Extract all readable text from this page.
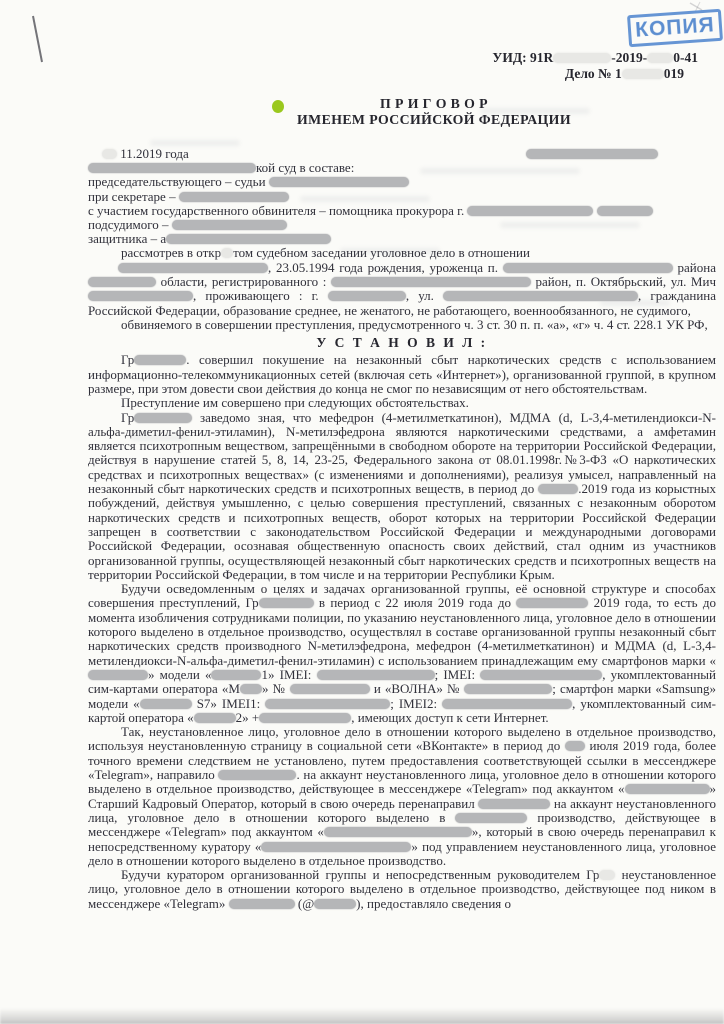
КОПИЯ
УИД: 91R	-2019- 0-41
Дело № 1	019
П Р И Г О В О Р
ИМЕНЕМ РОССИЙСКОЙ ФЕДЕРАЦИИ
11.2019 года
кой суд в составе:
председательствующего – судьи
при секретаре –
с участием государственного обвинителя – помощника прокурора г.
подсудимого –
защитника – а
рассмотрев в откр том судебном заседании уголовное дело в отношении
, 23.05.1994 года рождения, уроженца п.	района  области, регистрированного :	район, п. Октябрьский, ул. Мич, проживающего : г.	, ул.	, гражданина Российской Федерации, образование среднее, не женатого, не работающего, военнообязанного, не судимого,
обвиняемого в совершении преступления, предусмотренного ч. 3 ст. 30 п. п. «а», «г» ч. 4 ст. 228.1 УК РФ,
У С Т А Н О В И Л :
Гр	. совершил покушение на незаконный сбыт наркотических средств с использованием информационно-телекоммуникационных сетей (включая сеть «Интернет»), организованной группой, в крупном размере, при этом довести свои действия до конца не смог по независящим от него обстоятельствам.
Преступление им совершено при следующих обстоятельствах.
Гр	заведомо зная, что мефедрон (4-метилметкатинон), МДМА (d, L-3,4-метилендиокси-N-альфа-диметил-фенил-этиламин), N-метилэфедрона являются наркотическими средствами, а амфетамин является психотропным веществом, запрещёнными в свободном обороте на территории Российской Федерации, действуя в нарушение статей 5, 8, 14, 23-25, Федерального закона от 08.01.1998г.№3-ФЗ «О наркотических средствах и психотропных веществах» (с изменениями и дополнениями), реализуя умысел, направленный на незаконный сбыт наркотических средств и психотропных веществ, в период до	.2019 года из корыстных побуждений, действуя умышленно, с целью совершения преступлений, связанных с незаконным оборотом наркотических средств и психотропных веществ, оборот которых на территории Российской Федерации запрещен в соответствии с законодательством Российской Федерации и международными договорами Российской Федерации, осознавая общественную опасность своих действий, стал одним из участников организованной группы, осуществляющей незаконный сбыт наркотических средств и психотропных веществ на территории Российской Федерации, в том числе и на территории Республики Крым.
Будучи осведомленным о целях и задачах организованной группы, её основной структуре и способах совершения преступлений, Гр	в период с 22 июля 2019 года до	2019 года, то есть до момента изобличения сотрудниками полиции, по указанию неустановленного лица, уголовное дело в отношении которого выделено в отдельное производство, осуществлял в составе организованной группы незаконный сбыт наркотических средств производного N-метилэфедрона, мефедрон (4-метилметкатинон) и МДМА (d, L-3,4-метилендиокси-N-альфа-диметил-фенил-этиламин) с использованием принадлежащим ему смартфонов марки «» модели «	1» IMEI:	; IMEI:	, укомплектованный сим-картами оператора «М » №	и «ВОЛНА» №	; смартфон марки «Samsung» модели «	S7» IMEI1:	; IMEI2:	, укомплектованный сим-картой оператора «	2» +	, имеющих доступ к сети Интернет.
Так, неустановленное лицо, уголовное дело в отношении которого выделено в отдельное производство, используя неустановленную страницу в социальной сети «ВКонтакте» в период до  июля 2019 года, более точного времени следствием не установлено, путем предоставления соответствующей ссылки в мессенджере «Telegram», направило	. на аккаунт неустановленного лица, уголовное дело в отношении которого выделено в отдельное производство, действующее в мессенджере «Telegram» под аккаунтом «	» Старший Кадровый Оператор, который в свою очередь перенаправил	на аккаунт неустановленного лица, уголовное дело в отношении которого выделено в	производство, действующее в мессенджере «Telegram» под аккаунтом «	», который в свою очередь перенаправил к непосредственному куратору «	» под управлением неустановленного лица, уголовное дело в отношении которого выделено в отдельное производство.
Будучи куратором организованной группы и непосредственным руководителем Гр неустановленное лицо, уголовное дело в отношении которого выделено в отдельное производство, действующее под ником в мессенджере «Telegram»	(@	), предоставляло сведения о
